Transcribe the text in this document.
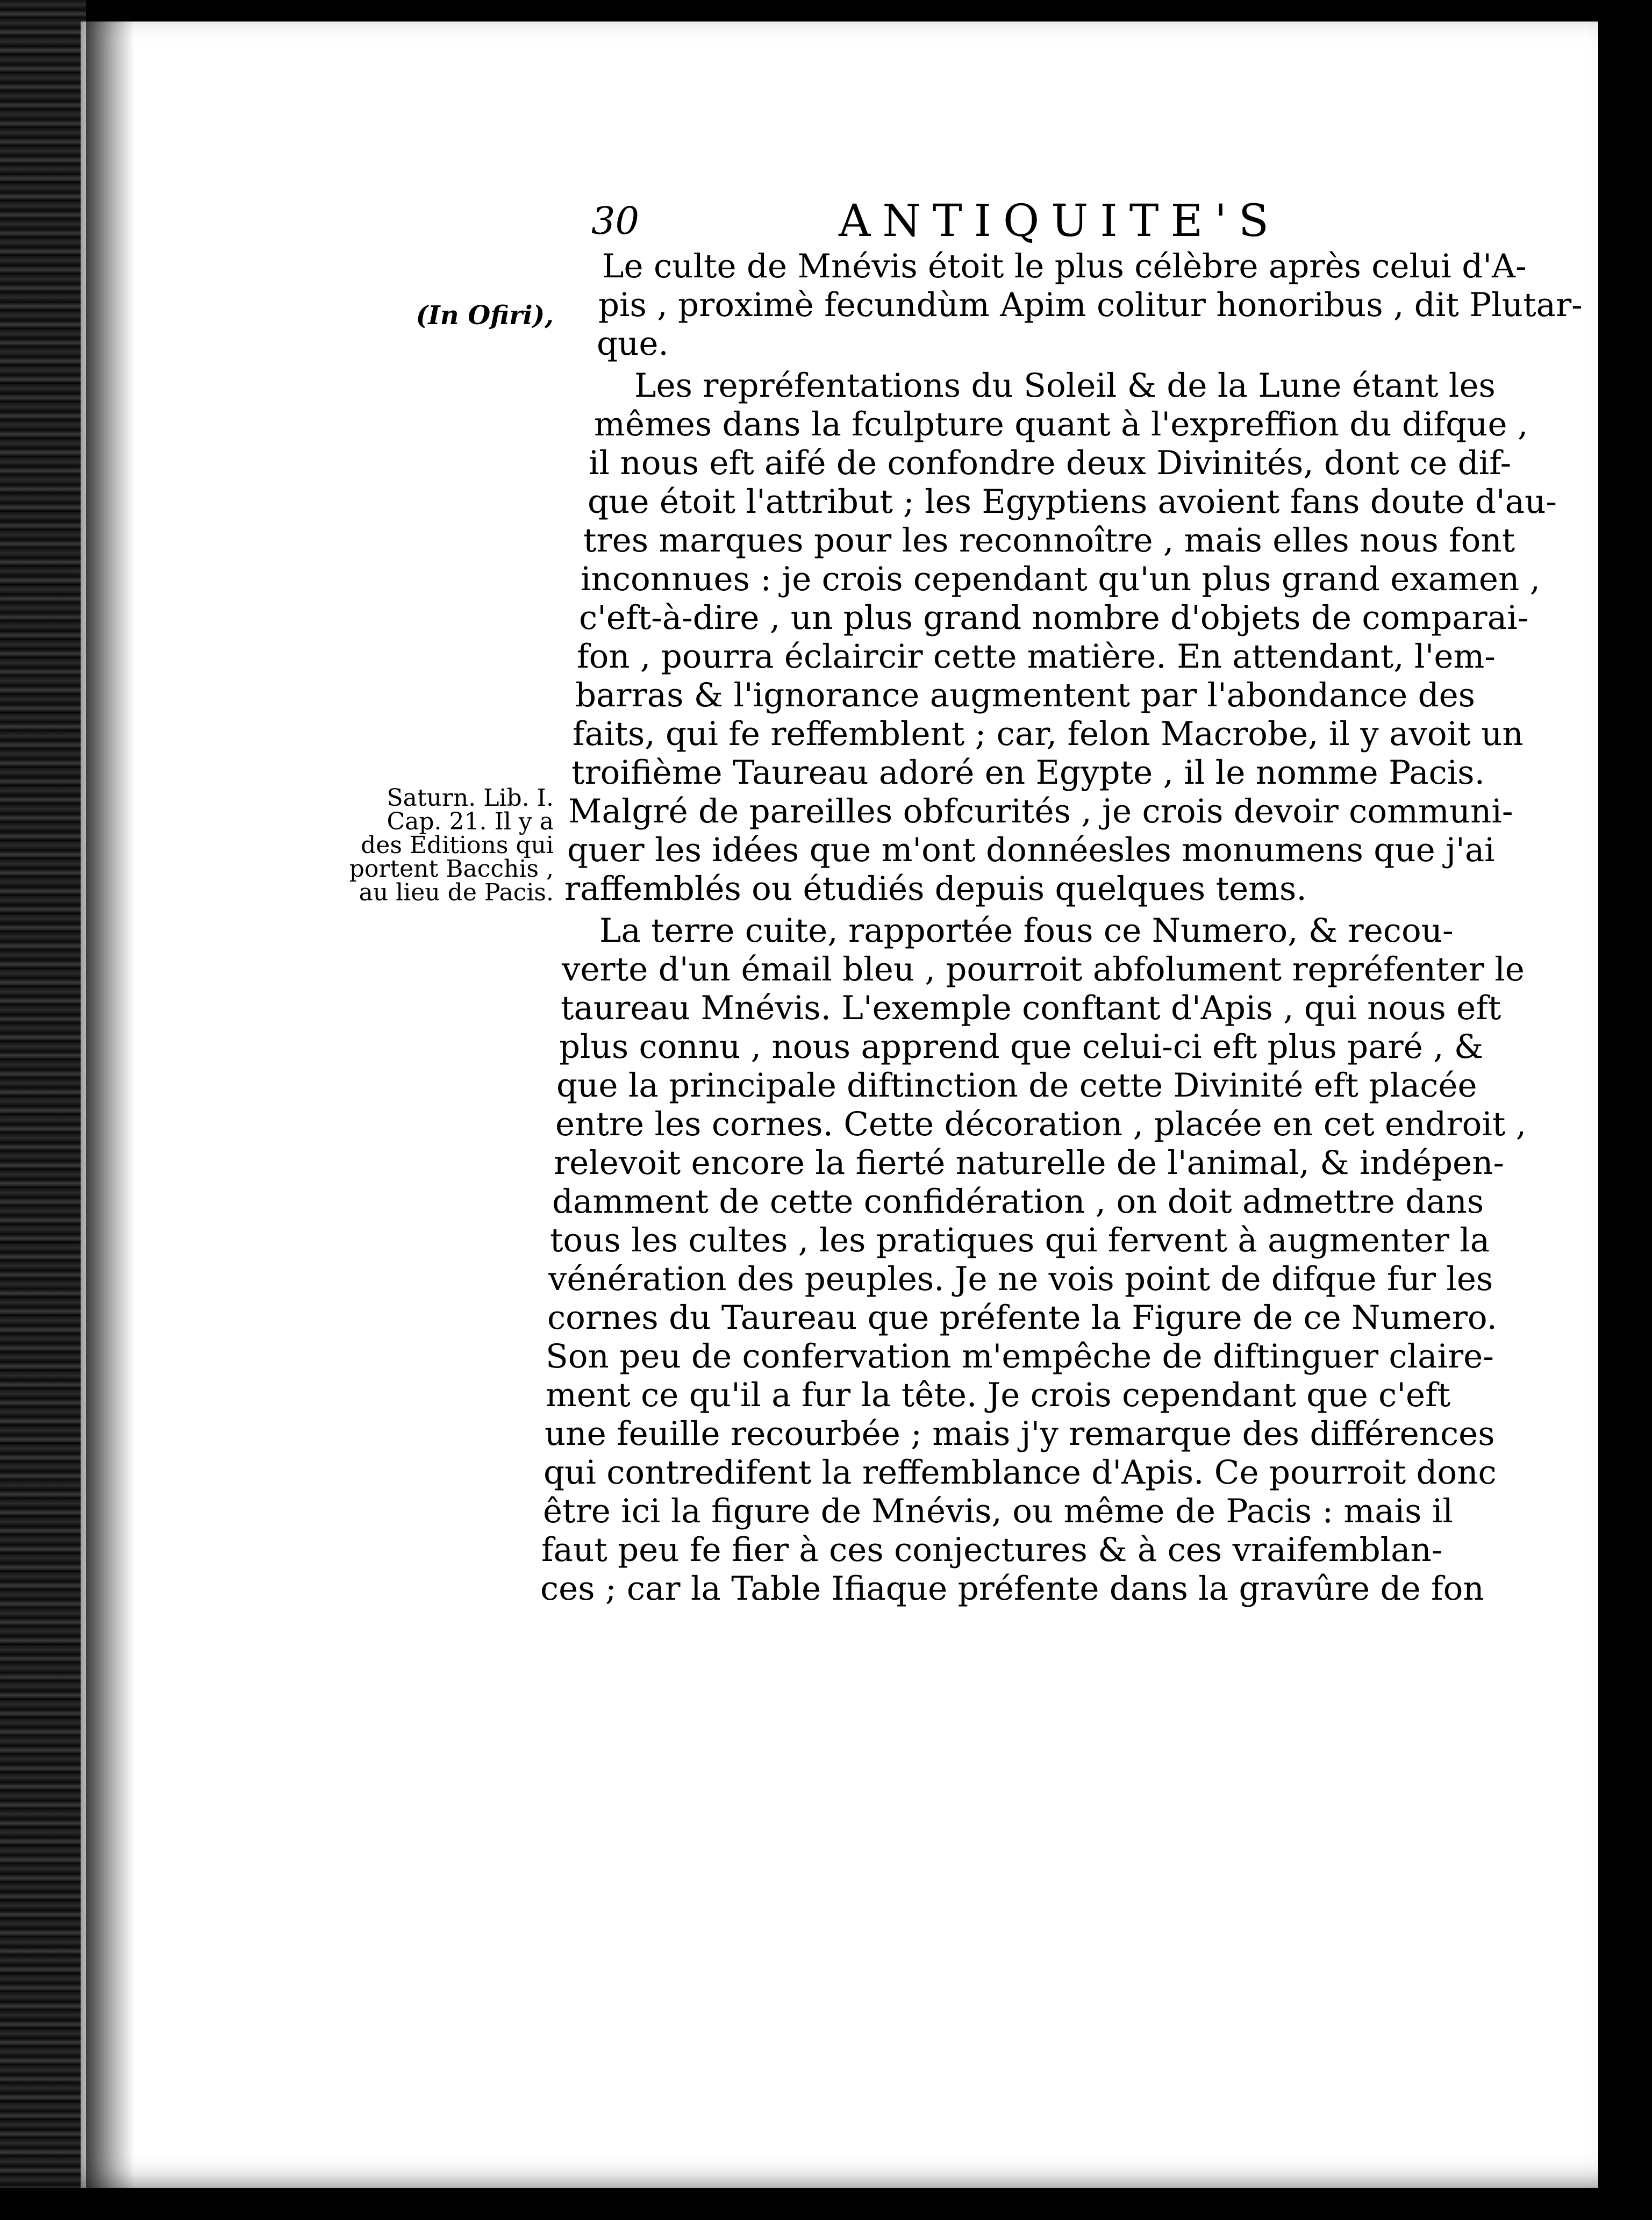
30	ANTIQUITE'S
(In Ofiri),
Saturn. Lib. I.
Cap. 21. Il y a
des Editions qui
portent Bacchis ,
au lieu de Pacis.
Le culte de Mnévis étoit le plus célèbre après celui d'A-
pis , proximè fecundùm Apim colitur honoribus , dit Plutar-
que.
Les repréfentations du Soleil & de la Lune étant les
mêmes dans la fculpture quant à l'expreffion du difque ,
il nous eft aifé de confondre deux Divinités, dont ce dif-
que étoit l'attribut ; les Egyptiens avoient fans doute d'au-
tres marques pour les reconnoître , mais elles nous font
inconnues : je crois cependant qu'un plus grand examen ,
c'eft-à-dire , un plus grand nombre d'objets de comparai-
fon , pourra éclaircir cette matière. En attendant, l'em-
barras & l'ignorance augmentent par l'abondance des
faits, qui fe reffemblent ; car, felon Macrobe, il y avoit un
troifième Taureau adoré en Egypte , il le nomme Pacis.
Malgré de pareilles obfcurités , je crois devoir communi-
quer les idées que m'ont donnéesles monumens que j'ai
raffemblés ou étudiés depuis quelques tems.
La terre cuite, rapportée fous ce Numero, & recou-
verte d'un émail bleu , pourroit abfolument repréfenter le
taureau Mnévis. L'exemple conftant d'Apis , qui nous eft
plus connu , nous apprend que celui-ci eft plus paré , &
que la principale diftinction de cette Divinité eft placée
entre les cornes. Cette décoration , placée en cet endroit ,
relevoit encore la fierté naturelle de l'animal, & indépen-
damment de cette confidération , on doit admettre dans
tous les cultes , les pratiques qui fervent à augmenter la
vénération des peuples. Je ne vois point de difque fur les
cornes du Taureau que préfente la Figure de ce Numero.
Son peu de confervation m'empêche de diftinguer claire-
ment ce qu'il a fur la tête. Je crois cependant que c'eft
une feuille recourbée ; mais j'y remarque des différences
qui contredifent la reffemblance d'Apis. Ce pourroit donc
être ici la figure de Mnévis, ou même de Pacis : mais il
faut peu fe fier à ces conjectures & à ces vraifemblan-
ces ; car la Table Ifiaque préfente dans la gravûre de fon
